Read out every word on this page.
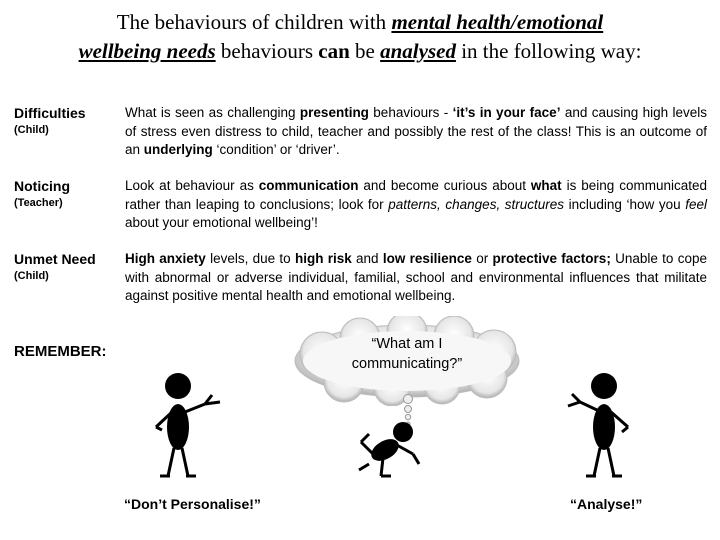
The behaviours of children with mental health/emotional
wellbeing needs behaviours can be analysed in the following way:
Difficulties
(Child)
What is seen as challenging presenting behaviours - ‘it’s in your face’ and causing high levels of stress even distress to child, teacher and possibly the rest of the class! This is an outcome of an underlying ‘condition’ or ‘driver’.
Noticing
(Teacher)
Look at behaviour as communication and become curious about what is being communicated rather than leaping to conclusions; look for patterns, changes, structures including ‘how you feel about your emotional wellbeing’!
Unmet Need
(Child)
High anxiety levels, due to high risk and low resilience or protective factors; Unable to cope with abnormal or adverse individual, familial, school and environmental influences that militate against positive mental health and emotional wellbeing.
REMEMBER:	“What am I
communicating?”
“Don’t Personalise!”	“Analyse!”
